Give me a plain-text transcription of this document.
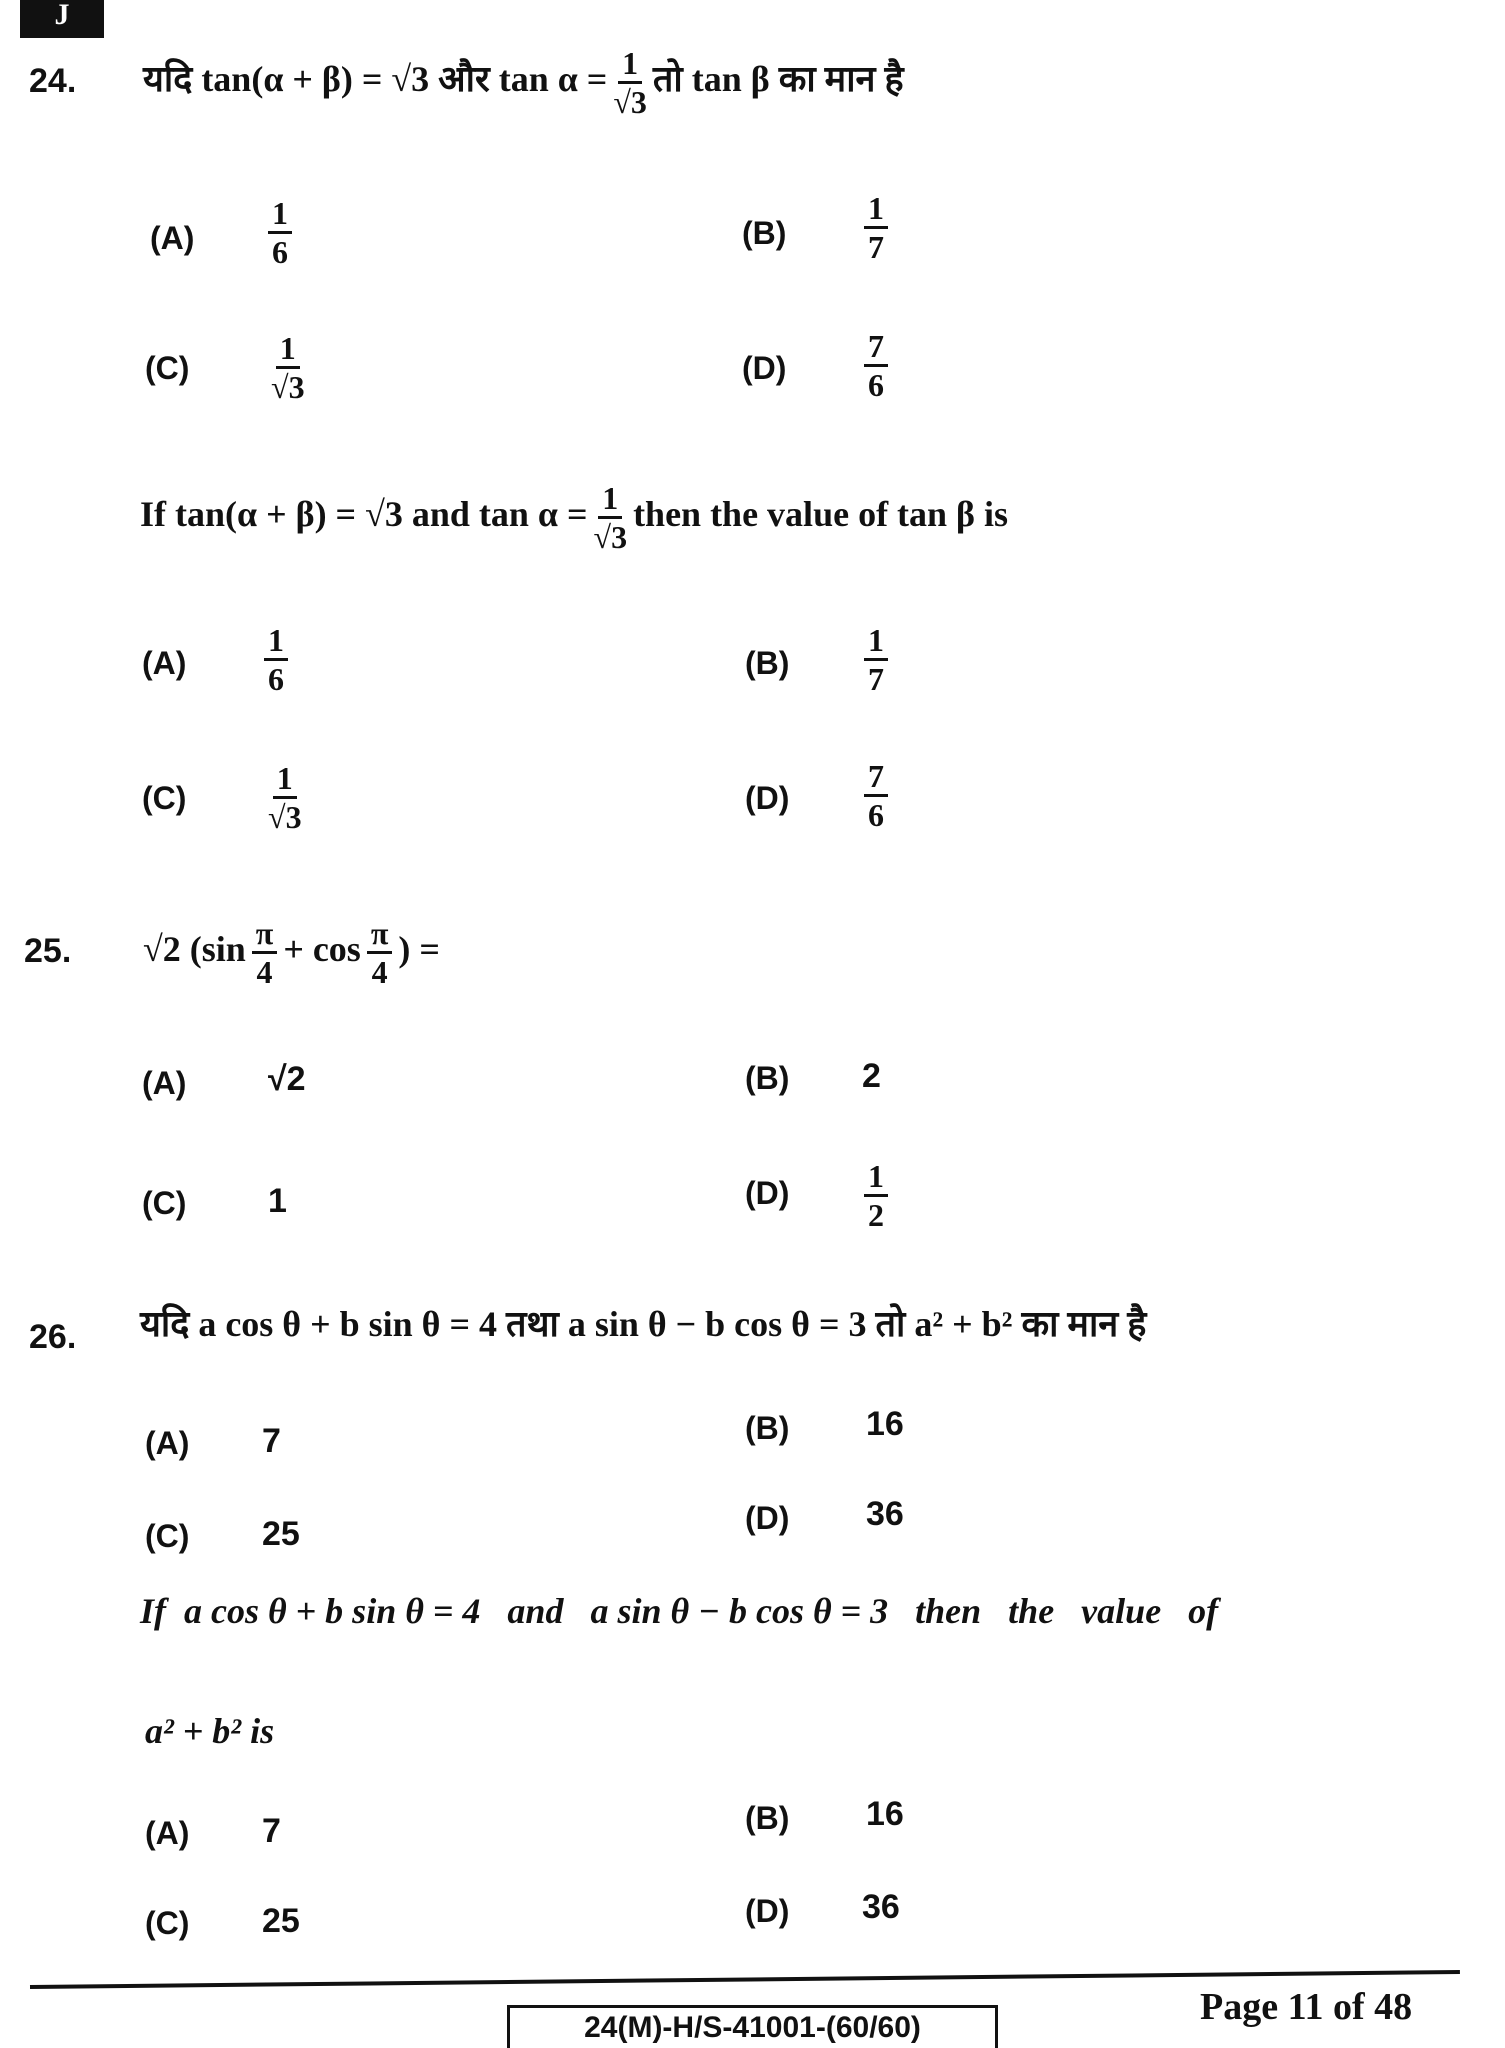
J
24. यदि tan(α + β) = √3 और $\tan \alpha = \frac{1}{√3}$ तो tan β का मान है
$(A) \frac{1}{6}$	$(B) \frac{1}{7}$
(C)	$\frac{1}{√3}$	$(D) \frac{7}{6}$
If tan(α + β) = √3 and $\tan \alpha = \frac{1}{√3}$ then the value of tan β is
$(A) \frac{1}{6}$	$(B) \frac{1}{7}$
(C)	$\frac{1}{√3}$	$(D) \frac{7}{6}$
25. √2 ($\sin \frac{\pi}{4} + \cos \frac{\pi}{4}$ ) =
(A) √2	(B) 2
(C) 1	$(D) \frac{1}{2}$
26. यदि a cos θ + b sin θ = 4 तथा a sin θ − b cos θ = 3 तो a² + b² का मान है
(A) 7	(B) 16
(C) 25	(D) 36
If  a cos θ + b sin θ = 4   and   a sin θ − b cos θ = 3   then   the   value   of
a² + b² is
(A) 7	(B) 16
(C) 25	(D) 36
24(M)-H/S-41001-(60/60)	Page 11 of 48
